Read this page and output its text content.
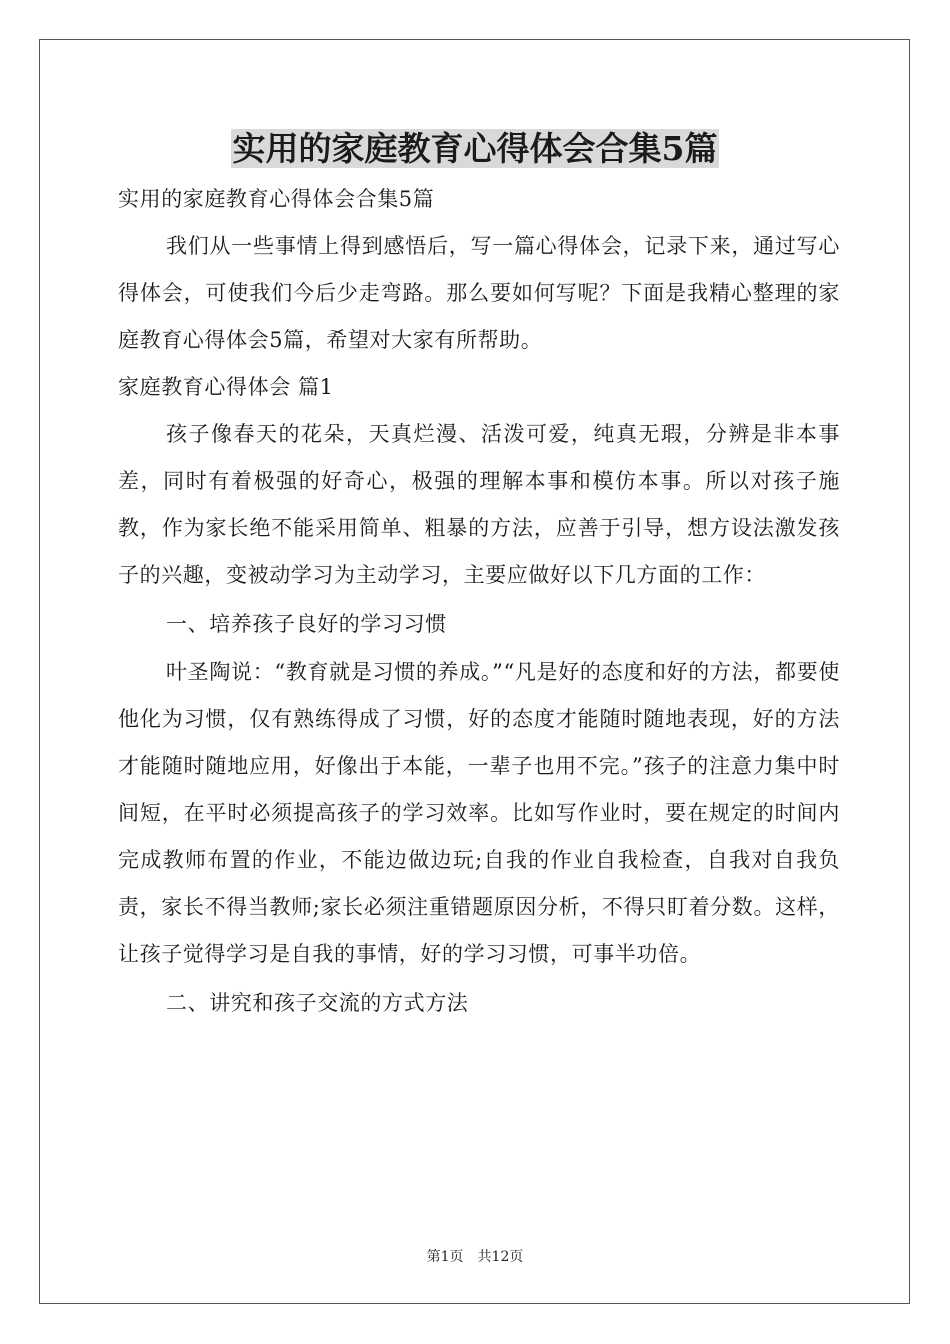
实用的家庭教育心得体会合集5篇

实用的家庭教育心得体会合集5篇

我们从一些事情上得到感悟后，写一篇心得体会，记录下来，通过写心得体会，可使我们今后少走弯路。那么要如何写呢？下面是我精心整理的家庭教育心得体会5篇，希望对大家有所帮助。

家庭教育心得体会 篇1

孩子像春天的花朵，天真烂漫、活泼可爱，纯真无瑕，分辨是非本事差，同时有着极强的好奇心，极强的理解本事和模仿本事。所以对孩子施教，作为家长绝不能采用简单、粗暴的方法，应善于引导，想方设法激发孩子的兴趣，变被动学习为主动学习，主要应做好以下几方面的工作：

一、培养孩子良好的学习习惯

叶圣陶说：“教育就是习惯的养成。”“凡是好的态度和好的方法，都要使他化为习惯，仅有熟练得成了习惯，好的态度才能随时随地表现，好的方法才能随时随地应用，好像出于本能，一辈子也用不完。”孩子的注意力集中时间短，在平时必须提高孩子的学习效率。比如写作业时，要在规定的时间内完成教师布置的作业，不能边做边玩;自我的作业自我检查，自我对自我负责，家长不得当教师;家长必须注重错题原因分析，不得只盯着分数。这样，让孩子觉得学习是自我的事情，好的学习习惯，可事半功倍。

二、讲究和孩子交流的方式方法

第1页　共12页
